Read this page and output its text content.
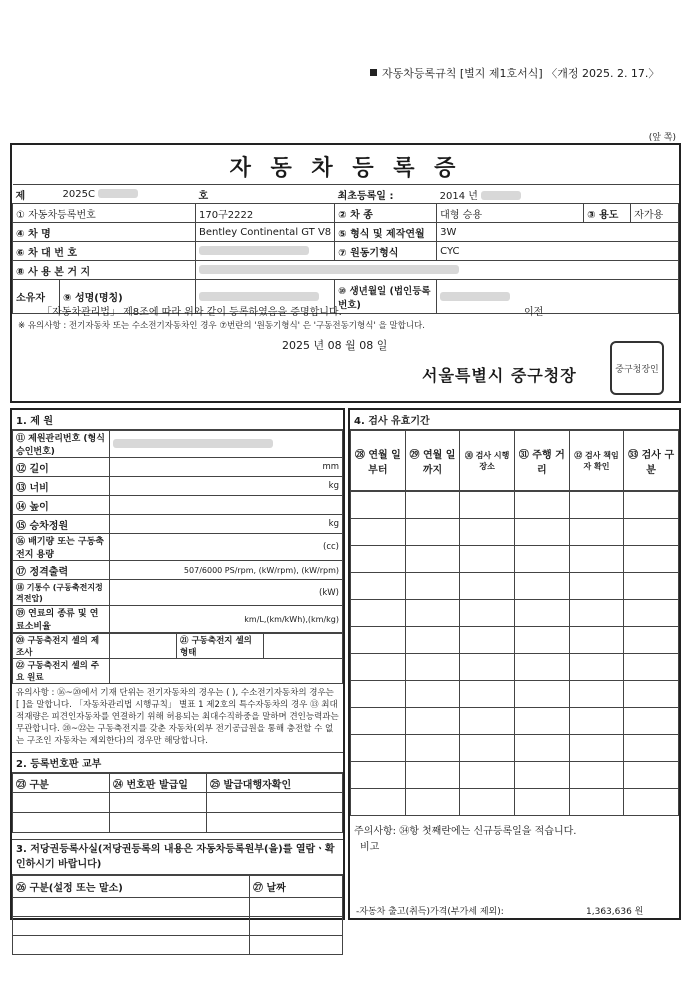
자동차등록규칙 [별지 제1호서식] 〈개정 2025. 2. 17.〉
(앞 쪽)
자 동 차 등 록 증
제	2025C	호	최초등록일 :	2014 년		
① 자동차등록번호		170구2222	② 차 종	대형 승용	③ 용도	자가용
④ 차 명		Bentley Continental GT V8	⑤ 형식 및 제작연월	3W		
⑥ 차 대 번 호			⑦ 원동기형식	CYC		
⑧ 사 용 본 거 지						
소유자	⑨ 성명(명칭)		⑩ 생년월일 (법인등록번호)			
「자동차관리법」 제8조에 따라 위와 같이 등록하였음을 증명합니다.	이전
※ 유의사항 : 전기자동차 또는 수소전기자동차인 경우 ⑦번란의 '원동기형식' 은 '구동전동기형식' 을 말합니다.
2025 년 08 월 08 일
서울특별시 중구청장	중구청장인
1. 제 원
⑪ 제원관리번호 (형식승인번호)	
⑫ 길이	mm
⑬ 너비	kg
⑭ 높이	
⑮ 승차정원	kg
⑯ 배기량 또는 구동축전지 용량	(cc)
⑰ 정격출력	507/6000 PS/rpm, (kW/rpm), (kW/rpm)
⑱ 기통수 (구동축전지정격전압)	(kW)
⑲ 연료의 종류 및 연료소비율	km/L,(km/kWh),(km/kg)
⑳ 구동축전지 셀의 제조사		㉑ 구동축전지 셀의 형태	
㉒ 구동축전지 셀의 주요 원료			
유의사항 : ⑯~⑳에서 기재 단위는 전기자동차의 경우는 ( ), 수소전기자동차의 경우는 [ ]을 말합니다. 「자동차관리법 시행규칙」 별표 1 제2호의 특수자동차의 경우 ⑬ 최대적재량은 피견인자동차를 연결하기 위해 허용되는 최대수직하중을 말하며 견인능력과는 무관합니다. ⑳~㉒는 구동축전지를 갖춘 자동차(외부 전기공급원을 통해 충전할 수 없는 구조인 자동차는 제외한다)의 경우만 해당합니다.
2. 등록번호판 교부
㉓ 구분	㉔ 번호판 발급일	㉕ 발급대행자확인

3. 저당권등록사실(저당권등록의 내용은 자동차등록원부(을)를 열람ㆍ확인하시기 바랍니다)
㉖ 구분(설정 또는 말소)	㉗ 날짜

4. 검사 유효기간
㉘ 연월 일부터	㉙ 연월 일까지	㉚ 검사 시행장소	㉛ 주행 거리	㉜ 검사 책임자 확인	㉝ 검사 구분

주의사항: ㉞항 첫째란에는 신규등록일을 적습니다.
비고
-자동차 출고(취득)가격(부가세 제외):	1,363,636 원
